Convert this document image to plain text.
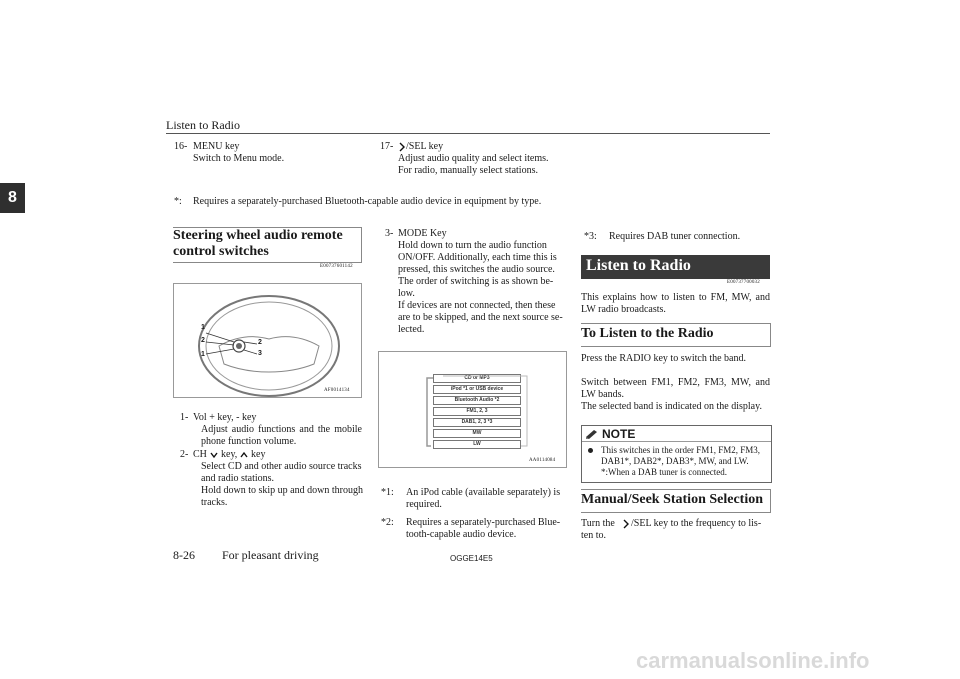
Listen to Radio
8
16- MENU key
Switch to Menu mode.
17- /SEL key
Adjust audio quality and select items.
For radio, manually select stations.
*: Requires a separately-purchased Bluetooth-capable audio device in equipment by type.
Steering wheel audio remote
control switches
E00737601142
1
2
1
2
3
AF0014134
1- Vol + key, - key
Adjust audio functions and the mobile
phone function volume.
2- CH key, key
Select CD and other audio source tracks
and radio stations.
Hold down to skip up and down through
tracks.
3- MODE Key
Hold down to turn the audio function
ON/OFF. Additionally, each time this is
pressed, this switches the audio source.
The order of switching is as shown be-
low.
If devices are not connected, then these
are to be skipped, and the next source se-
lected.
CD or MP3
iPod *1 or USB device
Bluetooth Audio *2
FM1, 2, 3
DAB1, 2, 3 *3
MW
LW
AA0114084
*1: An iPod cable (available separately) is
required.
*2: Requires a separately-purchased Blue-
tooth-capable audio device.
*3: Requires DAB tuner connection.
Listen to Radio
E00737700032
This explains how to listen to FM, MW, and
LW radio broadcasts.
To Listen to the Radio
Press the RADIO key to switch the band.
Switch between FM1, FM2, FM3, MW, and
LW bands.
The selected band is indicated on the display.
NOTE
This switches in the order FM1, FM2, FM3,
DAB1*, DAB2*, DAB3*, MW, and LW.
*:When a DAB tuner is connected.
Manual/Seek Station Selection
Turn the /SEL key to the frequency to lis-
ten to.
8-26 For pleasant driving	OGGE14E5
carmanualsonline.info
